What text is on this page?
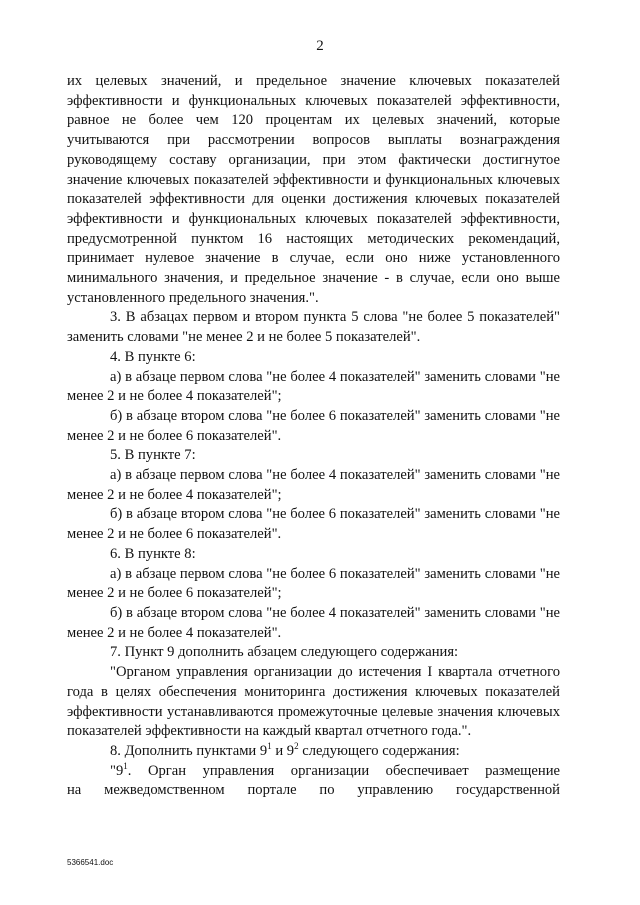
2

их целевых значений, и предельное значение ключевых показателей эффективности и функциональных ключевых показателей эффективности, равное не более чем 120 процентам их целевых значений, которые учитываются при рассмотрении вопросов выплаты вознаграждения руководящему составу организации, при этом фактически достигнутое значение ключевых показателей эффективности и функциональных ключевых показателей эффективности для оценки достижения ключевых показателей эффективности и функциональных ключевых показателей эффективности, предусмотренной пунктом 16 настоящих методических рекомендаций, принимает нулевое значение в случае, если оно ниже установленного минимального значения, и предельное значение - в случае, если оно выше установленного предельного значения.".

3. В абзацах первом и втором пункта 5 слова "не более 5 показателей" заменить словами "не менее 2 и не более 5 показателей".

4. В пункте 6:

а) в абзаце первом слова "не более 4 показателей" заменить словами "не менее 2 и не более 4 показателей";

б) в абзаце втором слова "не более 6 показателей" заменить словами "не менее 2 и не более 6 показателей".

5. В пункте 7:

а) в абзаце первом слова "не более 4 показателей" заменить словами "не менее 2 и не более 4 показателей";

б) в абзаце втором слова "не более 6 показателей" заменить словами "не менее 2 и не более 6 показателей".

6. В пункте 8:

а) в абзаце первом слова "не более 6 показателей" заменить словами "не менее 2 и не более 6 показателей";

б) в абзаце втором слова "не более 4 показателей" заменить словами "не менее 2 и не более 4 показателей".

7. Пункт 9 дополнить абзацем следующего содержания:

"Органом управления организации до истечения I квартала отчетного года в целях обеспечения мониторинга достижения ключевых показателей эффективности устанавливаются промежуточные целевые значения ключевых показателей эффективности на каждый квартал отчетного года.".

8. Дополнить пунктами $9^1$ и $9^2$ следующего содержания:

"$9^1$. Орган управления организации обеспечивает размещение

на межведомственном портале по управлению государственной

5366541.doc
